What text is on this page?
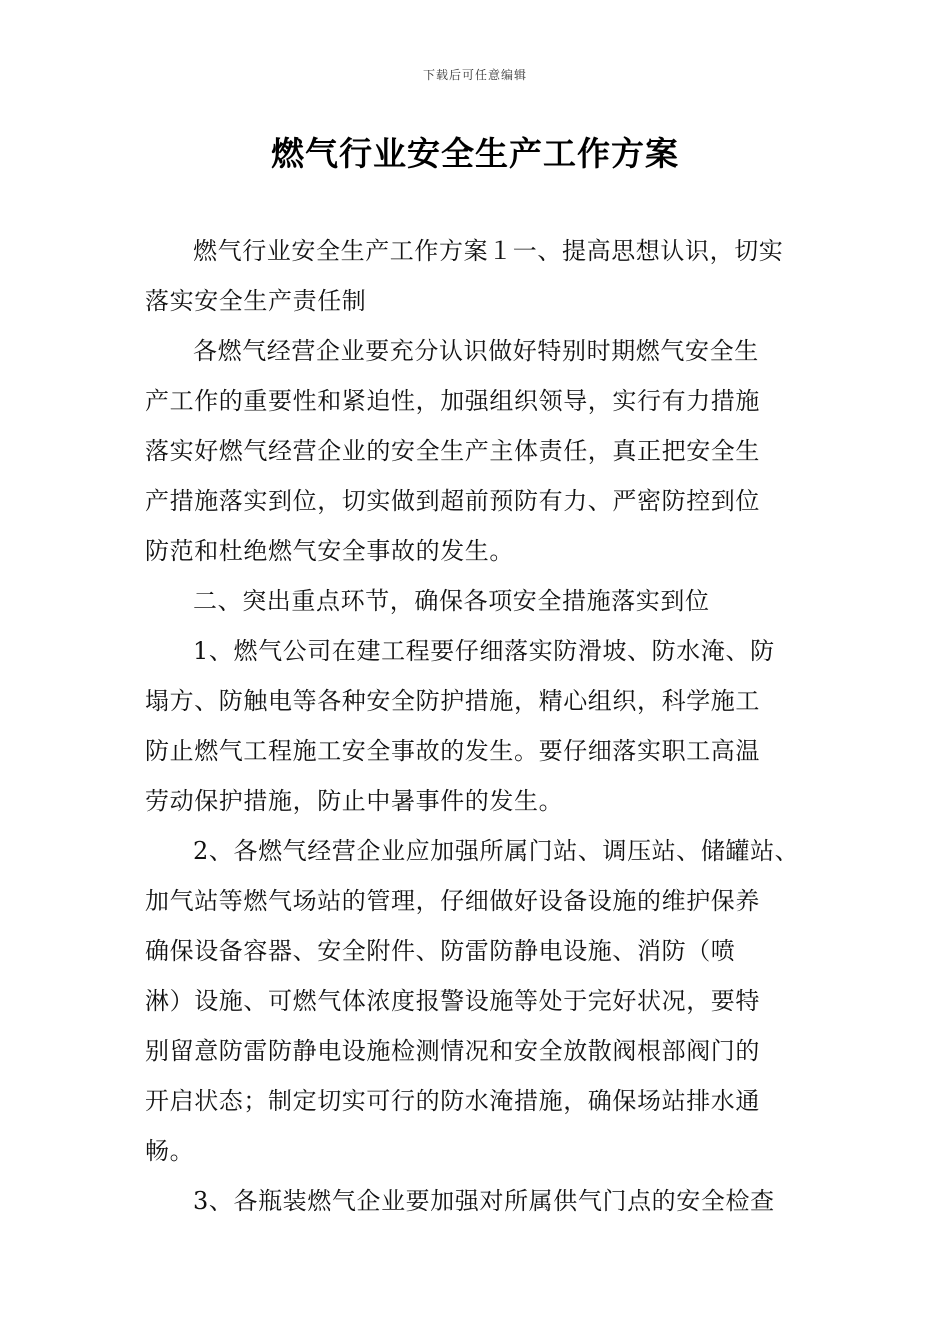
下载后可任意编辑
燃气行业安全生产工作方案
燃气行业安全生产工作方案１一、提高思想认识，切实
落实安全生产责任制
各燃气经营企业要充分认识做好特别时期燃气安全生
产工作的重要性和紧迫性，加强组织领导，实行有力措施
落实好燃气经营企业的安全生产主体责任，真正把安全生
产措施落实到位，切实做到超前预防有力、严密防控到位
防范和杜绝燃气安全事故的发生。
二、突出重点环节，确保各项安全措施落实到位
1、燃气公司在建工程要仔细落实防滑坡、防水淹、防
塌方、防触电等各种安全防护措施，精心组织，科学施工
防止燃气工程施工安全事故的发生。要仔细落实职工高温
劳动保护措施，防止中暑事件的发生。
2、各燃气经营企业应加强所属门站、调压站、储罐站、
加气站等燃气场站的管理，仔细做好设备设施的维护保养
确保设备容器、安全附件、防雷防静电设施、消防（喷
淋）设施、可燃气体浓度报警设施等处于完好状况，要特
别留意防雷防静电设施检测情况和安全放散阀根部阀门的
开启状态；制定切实可行的防水淹措施，确保场站排水通
畅。
3、各瓶装燃气企业要加强对所属供气门点的安全检查
